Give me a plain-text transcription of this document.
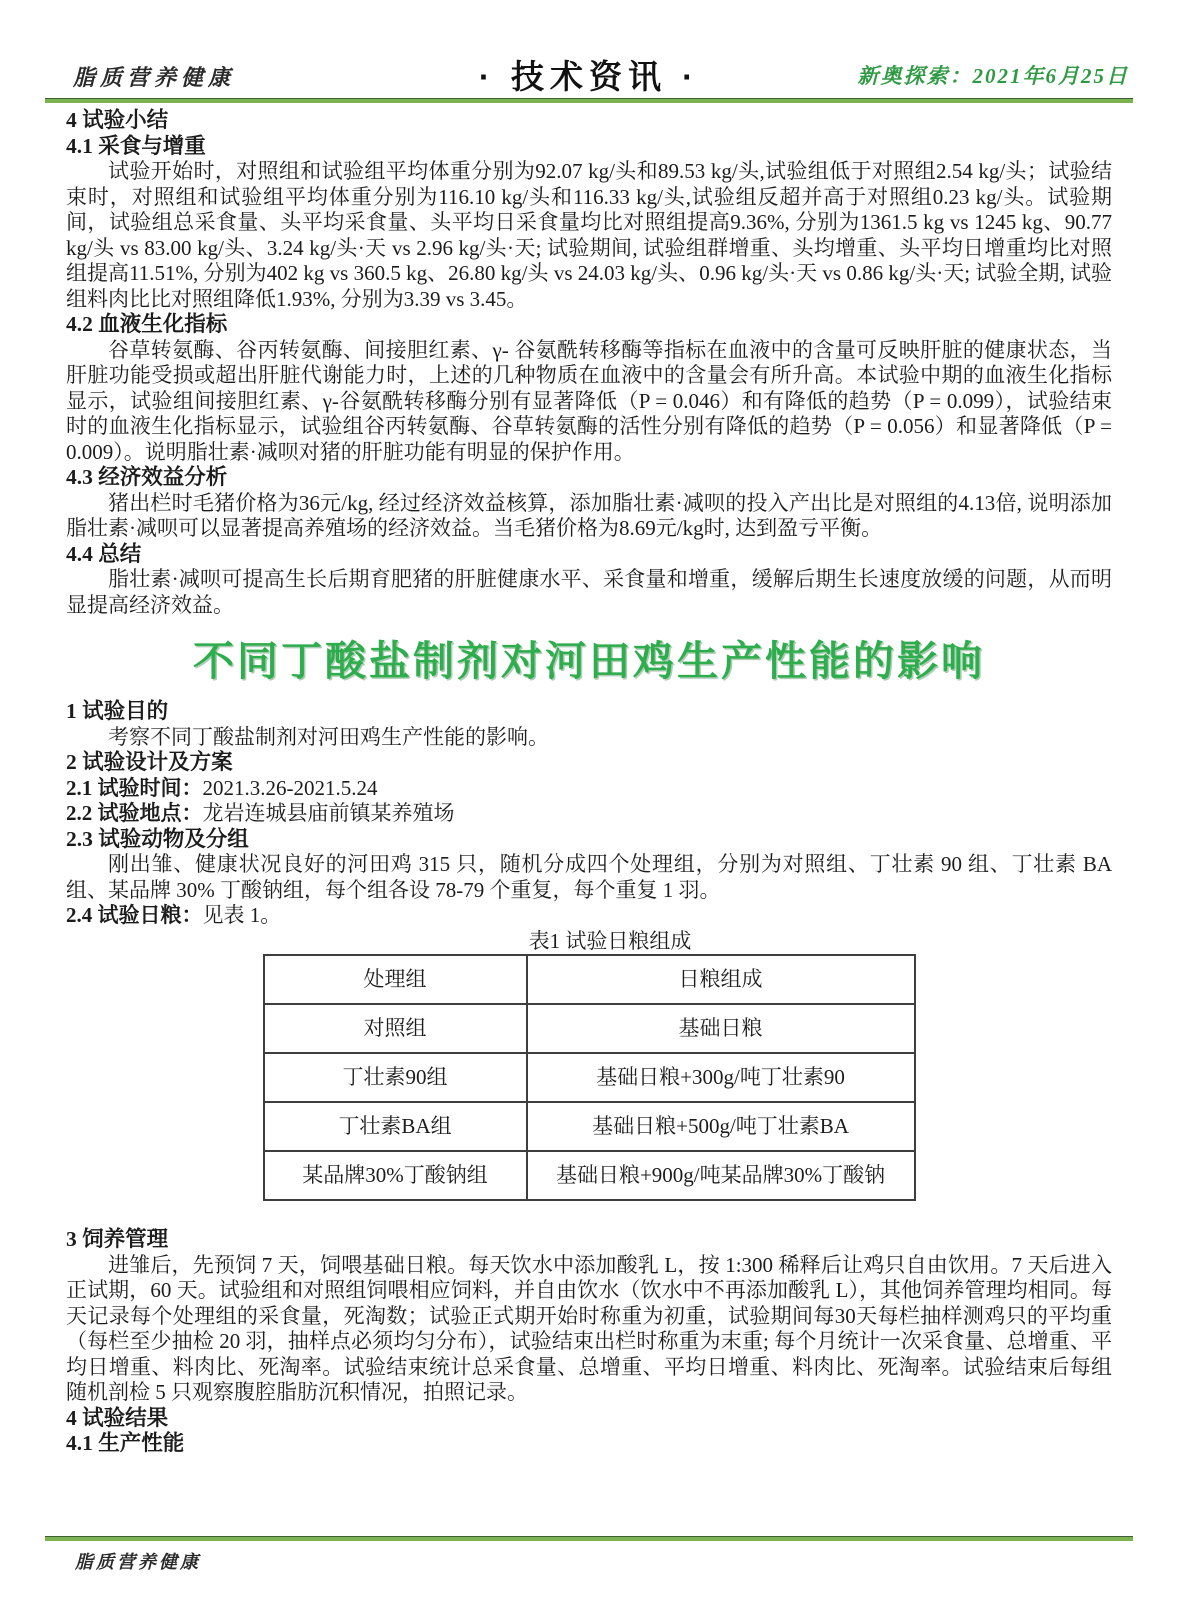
脂质营养健康	· 技术资讯 ·	新奥探索：2021年6月25日
4 试验小结
4.1 采食与增重

试验开始时，对照组和试验组平均体重分别为92.07 kg/头和89.53 kg/头,试验组低于对照组2.54 kg/头；试验结束时，对照组和试验组平均体重分别为116.10 kg/头和116.33 kg/头,试验组反超并高于对照组0.23 kg/头。试验期间，试验组总采食量、头平均采食量、头平均日采食量均比对照组提高9.36%, 分别为1361.5 kg vs 1245 kg、90.77 kg/头 vs 83.00 kg/头、3.24 kg/头·天 vs 2.96 kg/头·天; 试验期间, 试验组群增重、头均增重、头平均日增重均比对照组提高11.51%, 分别为402 kg vs 360.5 kg、26.80 kg/头 vs 24.03 kg/头、0.96 kg/头·天 vs 0.86 kg/头·天; 试验全期, 试验组料肉比比对照组降低1.93%, 分别为3.39 vs 3.45。

4.2 血液生化指标

谷草转氨酶、谷丙转氨酶、间接胆红素、γ- 谷氨酰转移酶等指标在血液中的含量可反映肝脏的健康状态，当肝脏功能受损或超出肝脏代谢能力时，上述的几种物质在血液中的含量会有所升高。本试验中期的血液生化指标显示，试验组间接胆红素、γ-谷氨酰转移酶分别有显著降低（P = 0.046）和有降低的趋势（P = 0.099），试验结束时的血液生化指标显示，试验组谷丙转氨酶、谷草转氨酶的活性分别有降低的趋势（P = 0.056）和显著降低（P = 0.009）。说明脂壮素·减呗对猪的肝脏功能有明显的保护作用。

4.3 经济效益分析

猪出栏时毛猪价格为36元/kg, 经过经济效益核算，添加脂壮素·减呗的投入产出比是对照组的4.13倍, 说明添加脂壮素·减呗可以显著提高养殖场的经济效益。当毛猪价格为8.69元/kg时, 达到盈亏平衡。

4.4 总结

脂壮素·减呗可提高生长后期育肥猪的肝脏健康水平、采食量和增重，缓解后期生长速度放缓的问题，从而明显提高经济效益。

不同丁酸盐制剂对河田鸡生产性能的影响
1 试验目的

考察不同丁酸盐制剂对河田鸡生产性能的影响。

2 试验设计及方案
2.1 试验时间：2021.3.26-2021.5.24
2.2 试验地点：龙岩连城县庙前镇某养殖场
2.3 试验动物及分组

刚出雏、健康状况良好的河田鸡 315 只，随机分成四个处理组，分别为对照组、丁壮素 90 组、丁壮素 BA 组、某品牌 30% 丁酸钠组，每个组各设 78-79 个重复，每个重复 1 羽。

2.4 试验日粮：见表 1。

表1 试验日粮组成

处理组	日粮组成
对照组	基础日粮
丁壮素90组	基础日粮+300g/吨丁壮素90
丁壮素BA组	基础日粮+500g/吨丁壮素BA
某品牌30%丁酸钠组	基础日粮+900g/吨某品牌30%丁酸钠
3 饲养管理

进雏后，先预饲 7 天，饲喂基础日粮。每天饮水中添加酸乳 L，按 1:300 稀释后让鸡只自由饮用。7 天后进入正试期，60 天。试验组和对照组饲喂相应饲料，并自由饮水（饮水中不再添加酸乳 L），其他饲养管理均相同。每天记录每个处理组的采食量，死淘数；试验正式期开始时称重为初重，试验期间每30天每栏抽样测鸡只的平均重（每栏至少抽检 20 羽，抽样点必须均匀分布），试验结束出栏时称重为末重; 每个月统计一次采食量、总增重、平均日增重、料肉比、死淘率。试验结束统计总采食量、总增重、平均日增重、料肉比、死淘率。试验结束后每组随机剖检 5 只观察腹腔脂肪沉积情况，拍照记录。

4 试验结果
4.1 生产性能
脂质营养健康
